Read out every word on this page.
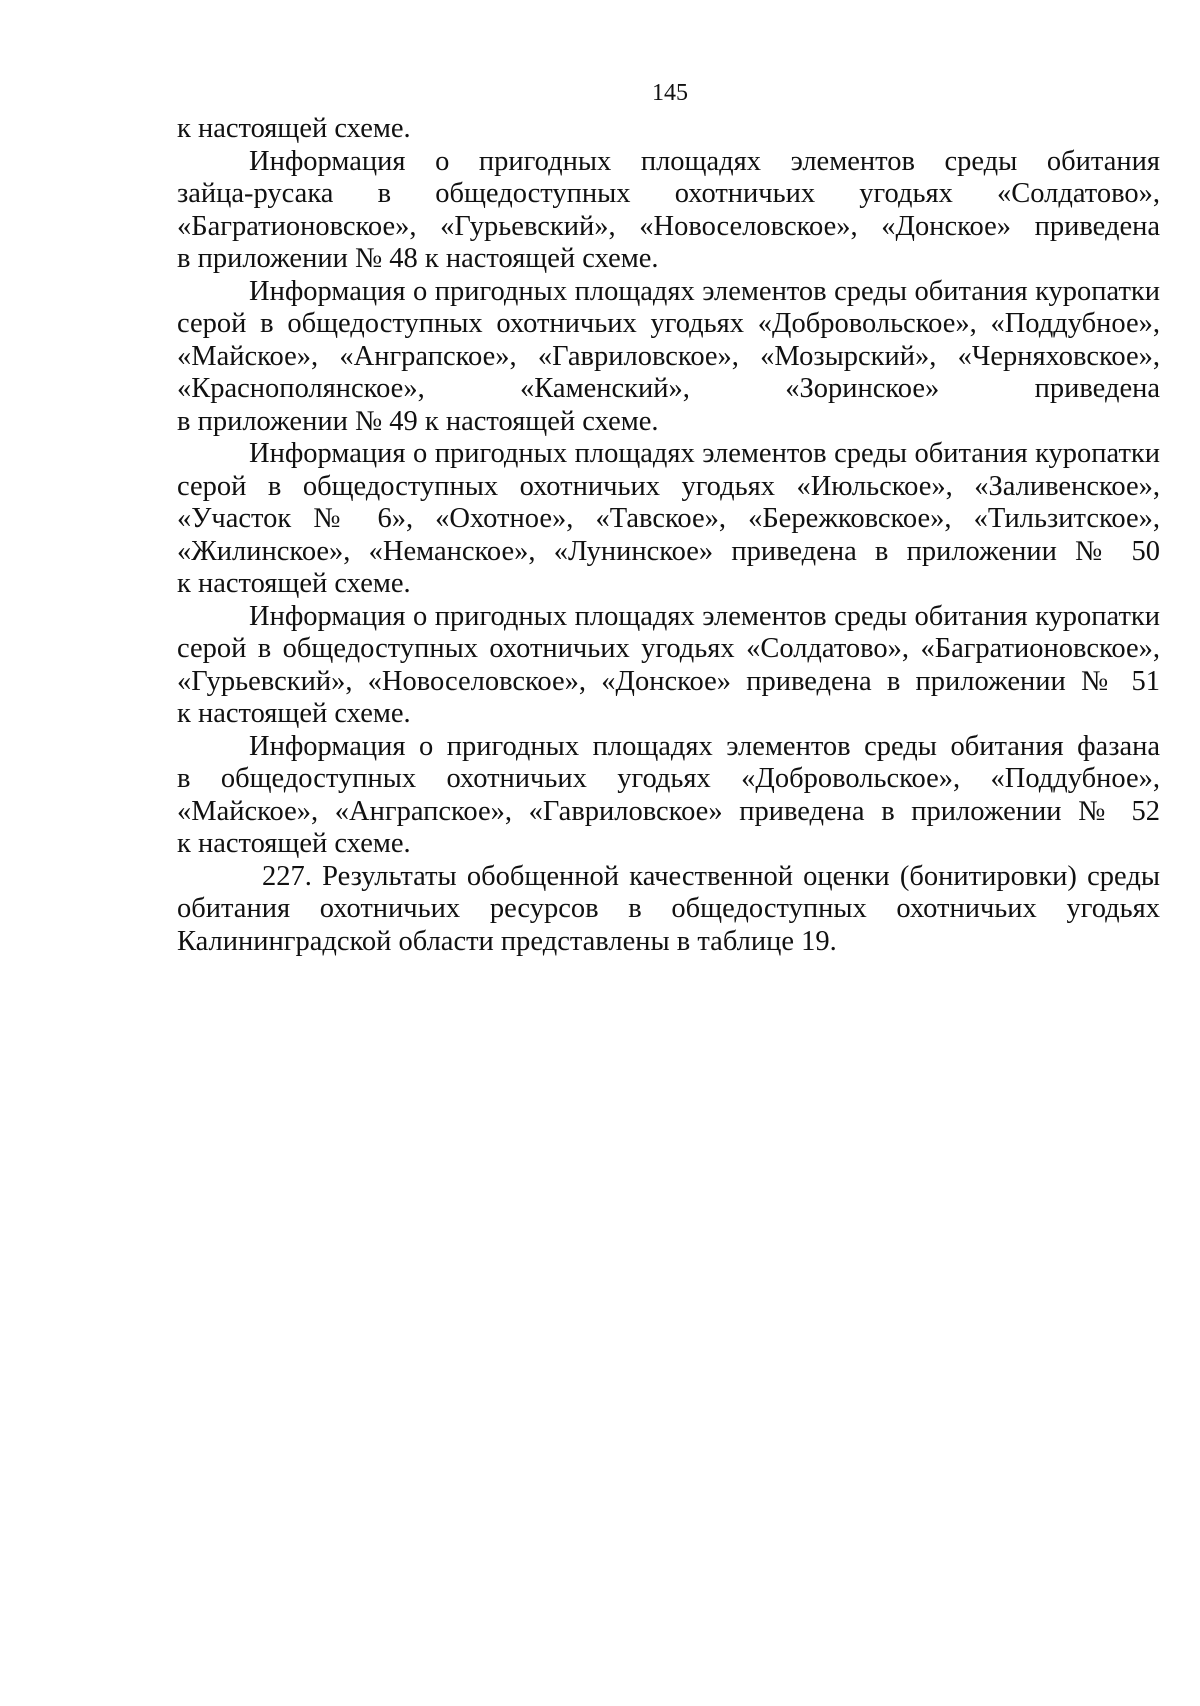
145
к настоящей схеме.
Информация о пригодных площадях элементов среды обитания
зайца-русака в общедоступных охотничьих угодьях «Солдатово»,
«Багратионовское», «Гурьевский», «Новоселовское», «Донское» приведена
в приложении № 48 к настоящей схеме.
Информация о пригодных площадях элементов среды обитания куропатки
серой в общедоступных охотничьих угодьях «Добровольское», «Поддубное»,
«Майское», «Анграпское», «Гавриловское», «Мозырский», «Черняховское»,
«Краснополянское», «Каменский», «Зоринское» приведена
в приложении № 49 к настоящей схеме.
Информация о пригодных площадях элементов среды обитания куропатки
серой в общедоступных охотничьих угодьях «Июльское», «Заливенское»,
«Участок № 6», «Охотное», «Тавское», «Бережковское», «Тильзитское»,
«Жилинское», «Неманское», «Лунинское» приведена в приложении № 50
к настоящей схеме.
Информация о пригодных площадях элементов среды обитания куропатки
серой в общедоступных охотничьих угодьях «Солдатово», «Багратионовское»,
«Гурьевский», «Новоселовское», «Донское» приведена в приложении № 51
к настоящей схеме.
Информация о пригодных площадях элементов среды обитания фазана
в общедоступных охотничьих угодьях «Добровольское», «Поддубное»,
«Майское», «Анграпское», «Гавриловское» приведена в приложении № 52
к настоящей схеме.
227. Результаты обобщенной качественной оценки (бонитировки) среды
обитания охотничьих ресурсов в общедоступных охотничьих угодьях
Калининградской области представлены в таблице 19.
